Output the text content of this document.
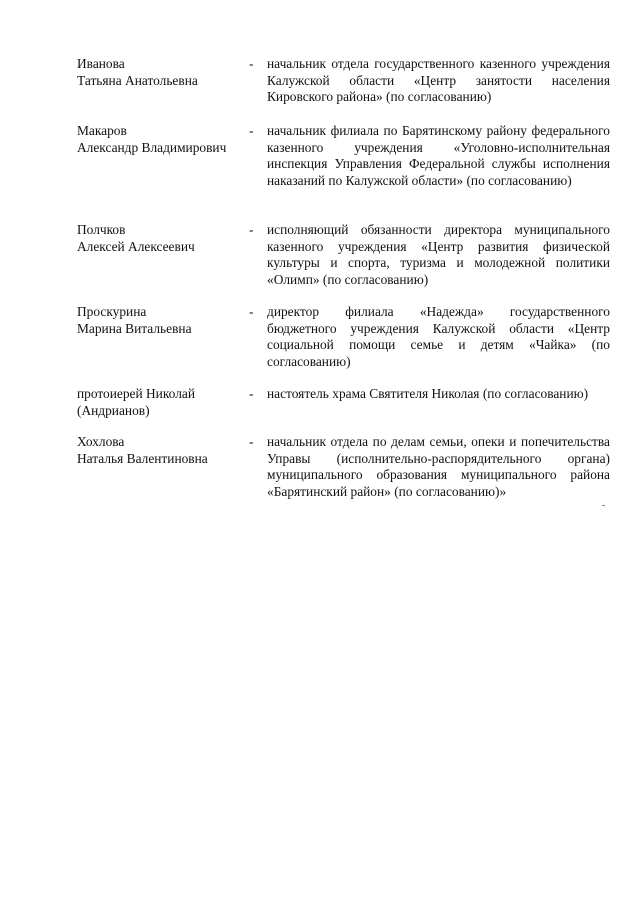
Иванова
Татьяна Анатольевна
- начальник отдела государственного казенного учреждения Калужской области «Центр занятости населения Кировского района» (по согласованию)
Макаров
Александр Владимирович
- начальник филиала по Барятинскому району федерального казенного учреждения «Уголовно-исполнительная инспекция Управления Федеральной службы исполнения наказаний по Калужской области» (по согласованию)
Полчков
Алексей Алексеевич
- исполняющий обязанности директора муниципального казенного учреждения «Центр развития физической культуры и спорта, туризма и молодежной политики «Олимп» (по согласованию)
Проскурина
Марина Витальевна
- директор филиала «Надежда» государственного бюджетного учреждения Калужской области «Центр социальной помощи семье и детям «Чайка» (по согласованию)
протоиерей Николай
(Андрианов)
- настоятель храма Святителя Николая (по согласованию)
Хохлова
Наталья Валентиновна
- начальник отдела по делам семьи, опеки и попечительства Управы (исполнительно-распорядительного органа) муниципального образования муниципального района «Барятинский район» (по согласованию)»
